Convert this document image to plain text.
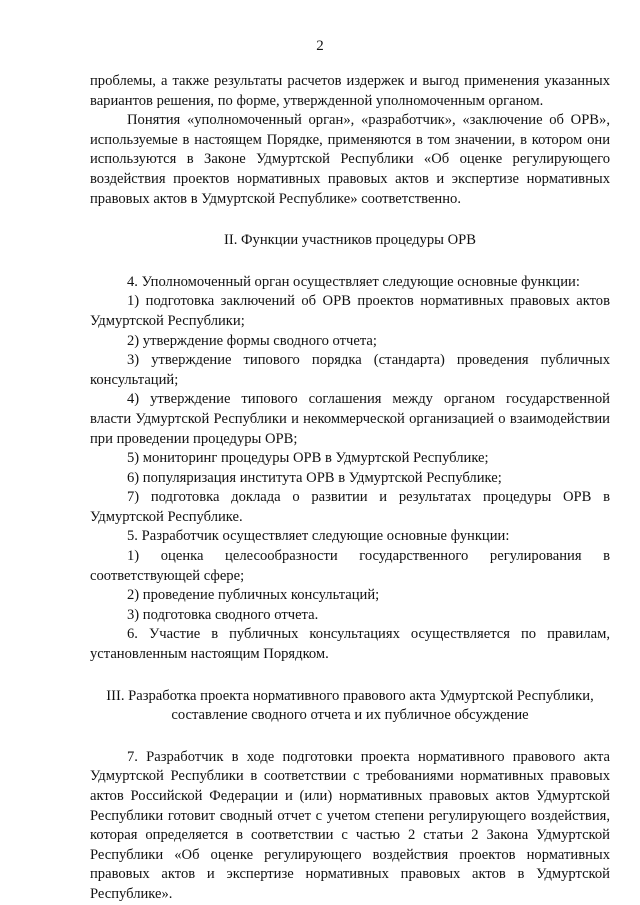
2

проблемы, а также результаты расчетов издержек и выгод применения указанных вариантов решения, по форме, утвержденной уполномоченным органом.

Понятия «уполномоченный орган», «разработчик», «заключение об ОРВ», используемые в настоящем Порядке, применяются в том значении, в котором они используются в Законе Удмуртской Республики «Об оценке регулирующего воздействия проектов нормативных правовых актов и экспертизе нормативных правовых актов в Удмуртской Республике» соответственно.

II. Функции участников процедуры ОРВ

4. Уполномоченный орган осуществляет следующие основные функции:

1) подготовка заключений об ОРВ проектов нормативных правовых актов Удмуртской Республики;

2) утверждение формы сводного отчета;

3) утверждение типового порядка (стандарта) проведения публичных консультаций;

4) утверждение типового соглашения между органом государственной власти Удмуртской Республики и некоммерческой организацией о взаимодействии при проведении процедуры ОРВ;

5) мониторинг процедуры ОРВ в Удмуртской Республике;

6) популяризация института ОРВ в Удмуртской Республике;

7) подготовка доклада о развитии и результатах процедуры ОРВ в Удмуртской Республике.

5. Разработчик осуществляет следующие основные функции:

1) оценка целесообразности государственного регулирования в соответствующей сфере;

2) проведение публичных консультаций;

3) подготовка сводного отчета.

6. Участие в публичных консультациях осуществляется по правилам, установленным настоящим Порядком.

III. Разработка проекта нормативного правового акта Удмуртской Республики,

составление сводного отчета и их публичное обсуждение

7. Разработчик в ходе подготовки проекта нормативного правового акта Удмуртской Республики в соответствии с требованиями нормативных правовых актов Российской Федерации и (или) нормативных правовых актов Удмуртской Республики готовит сводный отчет с учетом степени регулирующего воздействия, которая определяется в соответствии с частью 2 статьи 2 Закона Удмуртской Республики «Об оценке регулирующего воздействия проектов нормативных правовых актов и экспертизе нормативных правовых актов в Удмуртской Республике».
